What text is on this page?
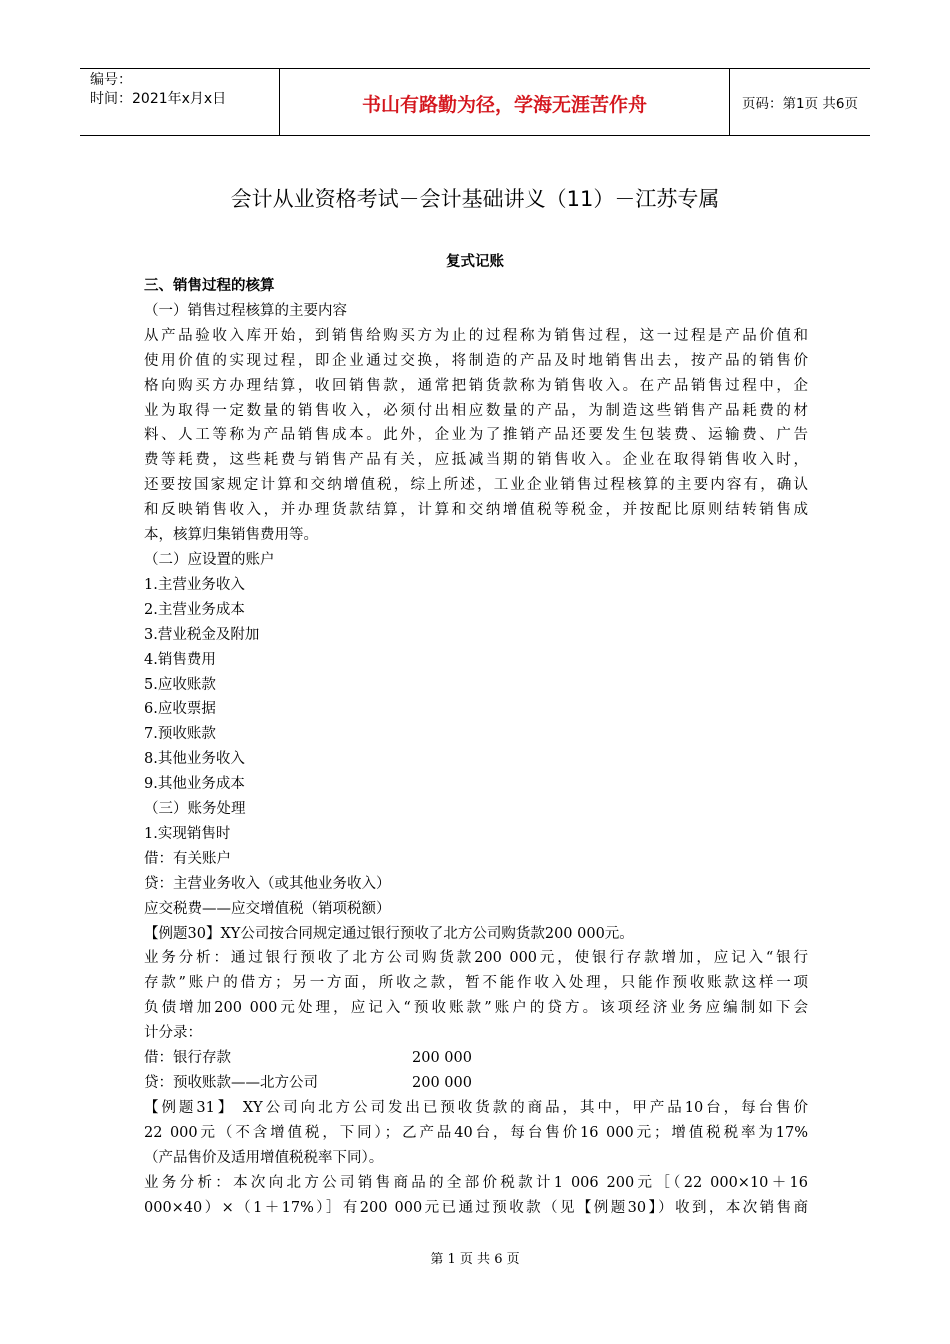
编号：
时间：2021年x月x日	书山有路勤为径，学海无涯苦作舟	页码：第1页 共6页
会计从业资格考试－会计基础讲义（11）－江苏专属
复式记账

三、销售过程的核算

（一）销售过程核算的主要内容

从产品验收入库开始，到销售给购买方为止的过程称为销售过程，这一过程是产品价值和

使用价值的实现过程，即企业通过交换，将制造的产品及时地销售出去，按产品的销售价

格向购买方办理结算，收回销售款，通常把销货款称为销售收入。在产品销售过程中，企

业为取得一定数量的销售收入，必须付出相应数量的产品，为制造这些销售产品耗费的材

料、人工等称为产品销售成本。此外，企业为了推销产品还要发生包装费、运输费、广告

费等耗费，这些耗费与销售产品有关，应抵减当期的销售收入。企业在取得销售收入时，

还要按国家规定计算和交纳增值税，综上所述，工业企业销售过程核算的主要内容有，确认

和反映销售收入，并办理货款结算，计算和交纳增值税等税金，并按配比原则结转销售成

本，核算归集销售费用等。

（二）应设置的账户

1.主营业务收入

2.主营业务成本

3.营业税金及附加

4.销售费用

5.应收账款

6.应收票据

7.预收账款

8.其他业务收入

9.其他业务成本

（三）账务处理

1.实现销售时

借：有关账户

贷：主营业务收入（或其他业务收入）

应交税费——应交增值税（销项税额）

【例题30】XY公司按合同规定通过银行预收了北方公司购货款200 000元。

业务分析：通过银行预收了北方公司购货款200 000元，使银行存款增加，应记入“银行

存款”账户的借方；另一方面，所收之款，暂不能作收入处理，只能作预收账款这样一项

负债增加200 000元处理，应记入“预收账款”账户的贷方。该项经济业务应编制如下会

计分录：

借：银行存款	200 000

贷：预收账款——北方公司	200 000

【例题31】 XY公司向北方公司发出已预收货款的商品，其中，甲产品10台，每台售价

22 000元（不含增值税，下同）；乙产品40台，每台售价16 000元；增值税税率为17%

（产品售价及适用增值税税率下同）。

业务分析：本次向北方公司销售商品的全部价税款计1 006 200元［（22 000×10＋16

000×40）×（1＋17%）］有200 000元已通过预收款（见【例题30】）收到，本次销售商

第 1 页 共 6 页
